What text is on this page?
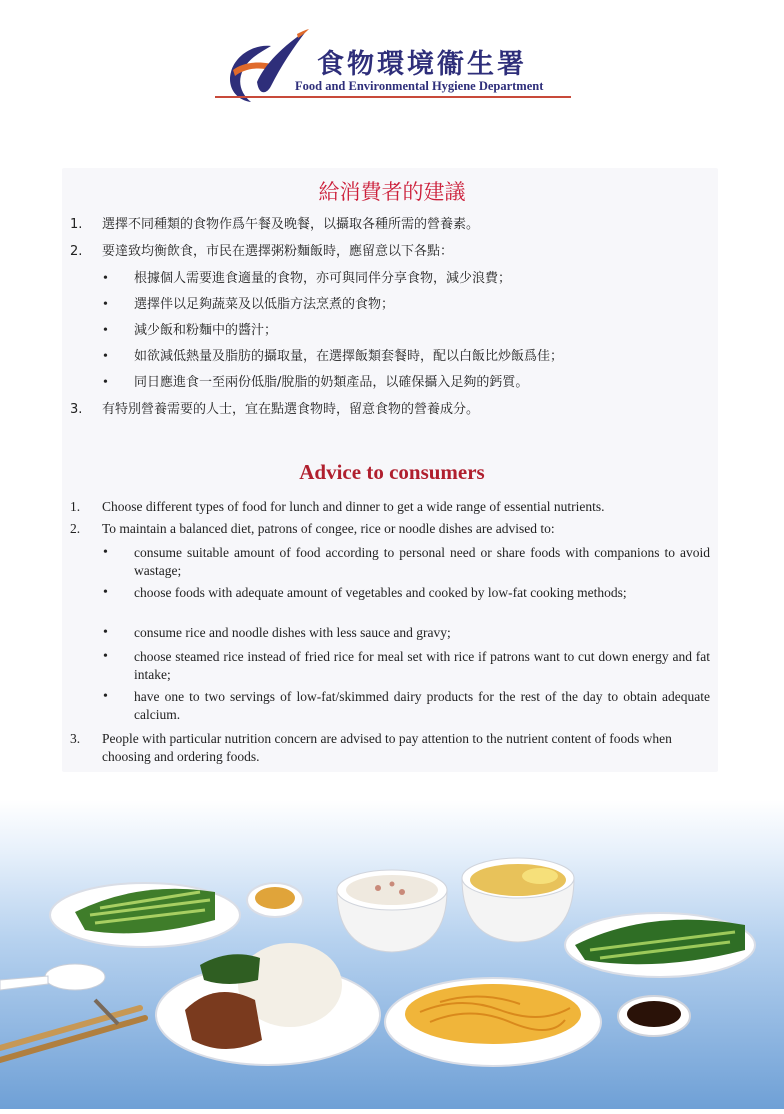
食物環境衞生署
Food and Environmental Hygiene Department
給消費者的建議
1.	選擇不同種類的食物作爲午餐及晚餐，以攝取各種所需的營養素。
2.	要達致均衡飲食，市民在選擇粥粉麵飯時，應留意以下各點：
• 根據個人需要進食適量的食物，亦可與同伴分享食物，減少浪費；
• 選擇伴以足夠蔬菜及以低脂方法烹煮的食物；
• 減少飯和粉麵中的醬汁；
• 如欲減低熱量及脂肪的攝取量，在選擇飯類套餐時，配以白飯比炒飯爲佳；
• 同日應進食一至兩份低脂/脫脂的奶類產品，以確保攝入足夠的鈣質。
3.	有特別營養需要的人士，宜在點選食物時，留意食物的營養成分。
Advice to consumers
1.	Choose different types of food for lunch and dinner to get a wide range of essential nutrients.
2.	To maintain a balanced diet, patrons of congee, rice or noodle dishes are advised to:
• consume suitable amount of food according to personal need or share foods with companions to avoid wastage;
• choose foods with adequate amount of vegetables and cooked by low-fat cooking methods;
• consume rice and noodle dishes with less sauce and gravy;
• choose steamed rice instead of fried rice for meal set with rice if patrons want to cut down energy and fat intake;
• have one to two servings of low-fat/skimmed dairy products for the rest of the day to obtain adequate calcium.
3.	People with particular nutrition concern are advised to pay attention to the nutrient content of foods when choosing and ordering foods.
